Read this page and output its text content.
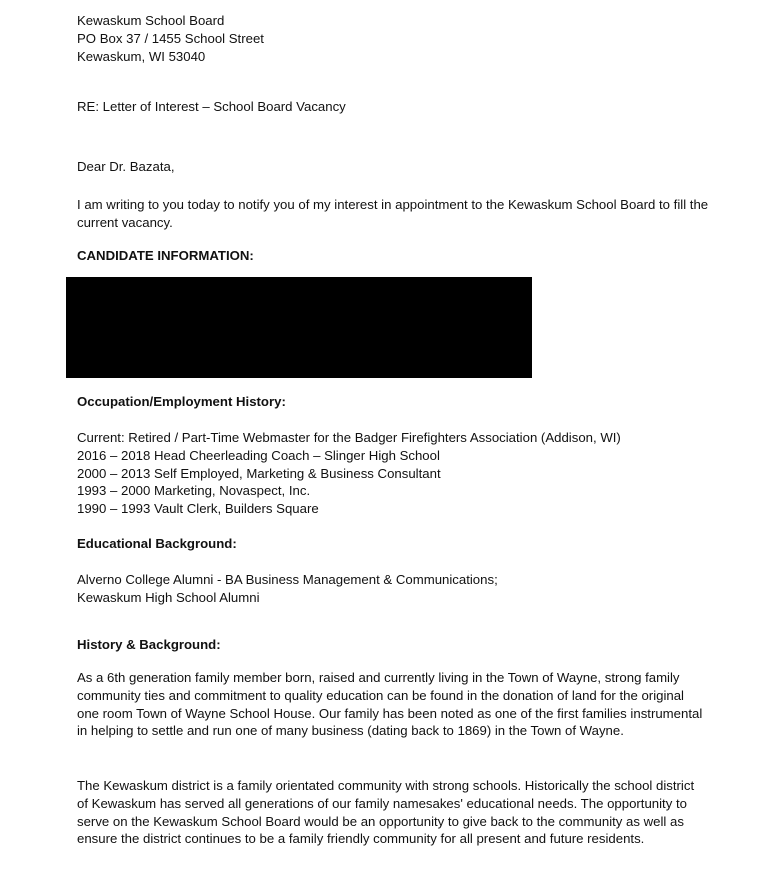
Kewaskum School Board
PO Box 37 / 1455 School Street
Kewaskum, WI 53040

RE: Letter of Interest – School Board Vacancy

Dear Dr. Bazata,

I am writing to you today to notify you of my interest in appointment to the Kewaskum School Board to fill the current vacancy.

CANDIDATE INFORMATION:

Occupation/Employment History:

Current: Retired / Part-Time Webmaster for the Badger Firefighters Association (Addison, WI)
2016 – 2018 Head Cheerleading Coach – Slinger High School
2000 – 2013 Self Employed, Marketing & Business Consultant
1993 – 2000 Marketing, Novaspect, Inc.
1990 – 1993 Vault Clerk, Builders Square

Educational Background:

Alverno College Alumni - BA Business Management & Communications;
Kewaskum High School Alumni

History & Background:

As a 6th generation family member born, raised and currently living in the Town of Wayne, strong family community ties and commitment to quality education can be found in the donation of land for the original one room Town of Wayne School House. Our family has been noted as one of the first families instrumental in helping to settle and run one of many business (dating back to 1869) in the Town of Wayne.

The Kewaskum district is a family orientated community with strong schools. Historically the school district of Kewaskum has served all generations of our family namesakes' educational needs. The opportunity to serve on the Kewaskum School Board would be an opportunity to give back to the community as well as ensure the district continues to be a family friendly community for all present and future residents.
